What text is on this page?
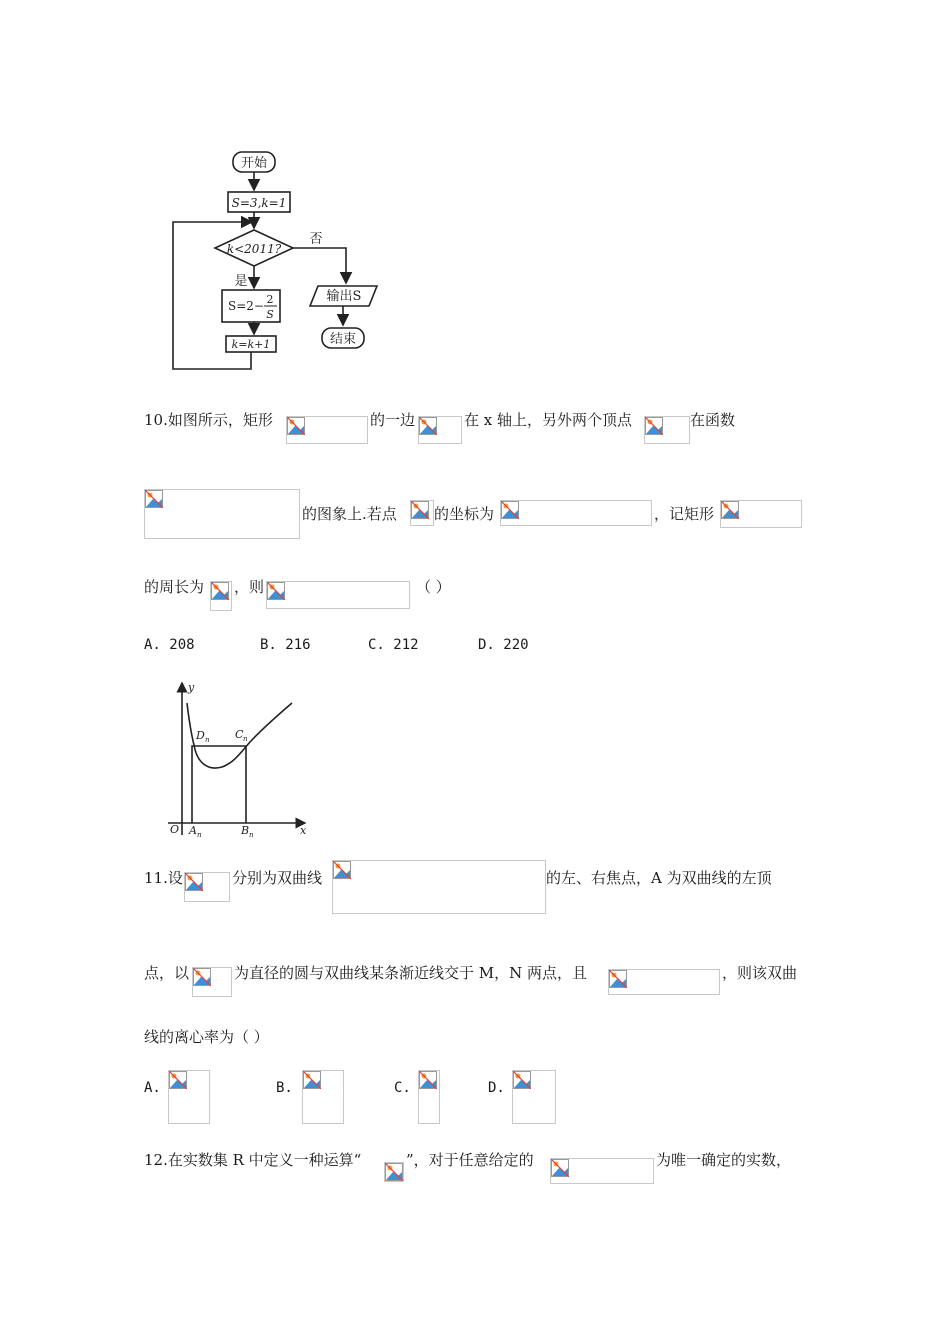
开始
S=3,k=1
k<2011?
否
是
S=2− 2
S
k=k+1
输出S
结束
10.如图所示，矩形	的一边	在 x 轴上，另外两个顶点	在函数
的图象上.若点 的坐标为	，记矩形
的周长为 ，则	（ ）
A. 208	B. 216	C. 212	D. 220
y
x
O
D n C n
A n	B n
11.设	分别为双曲线	的左、右焦点，A 为双曲线的左顶
点，以	为直径的圆与双曲线某条渐近线交于 M，N 两点，且	，则该双曲
线的离心率为（ ）
A.	B.	C.	D.
12.在实数集 R 中定义一种运算“	”，对于任意给定的	为唯一确定的实数，
